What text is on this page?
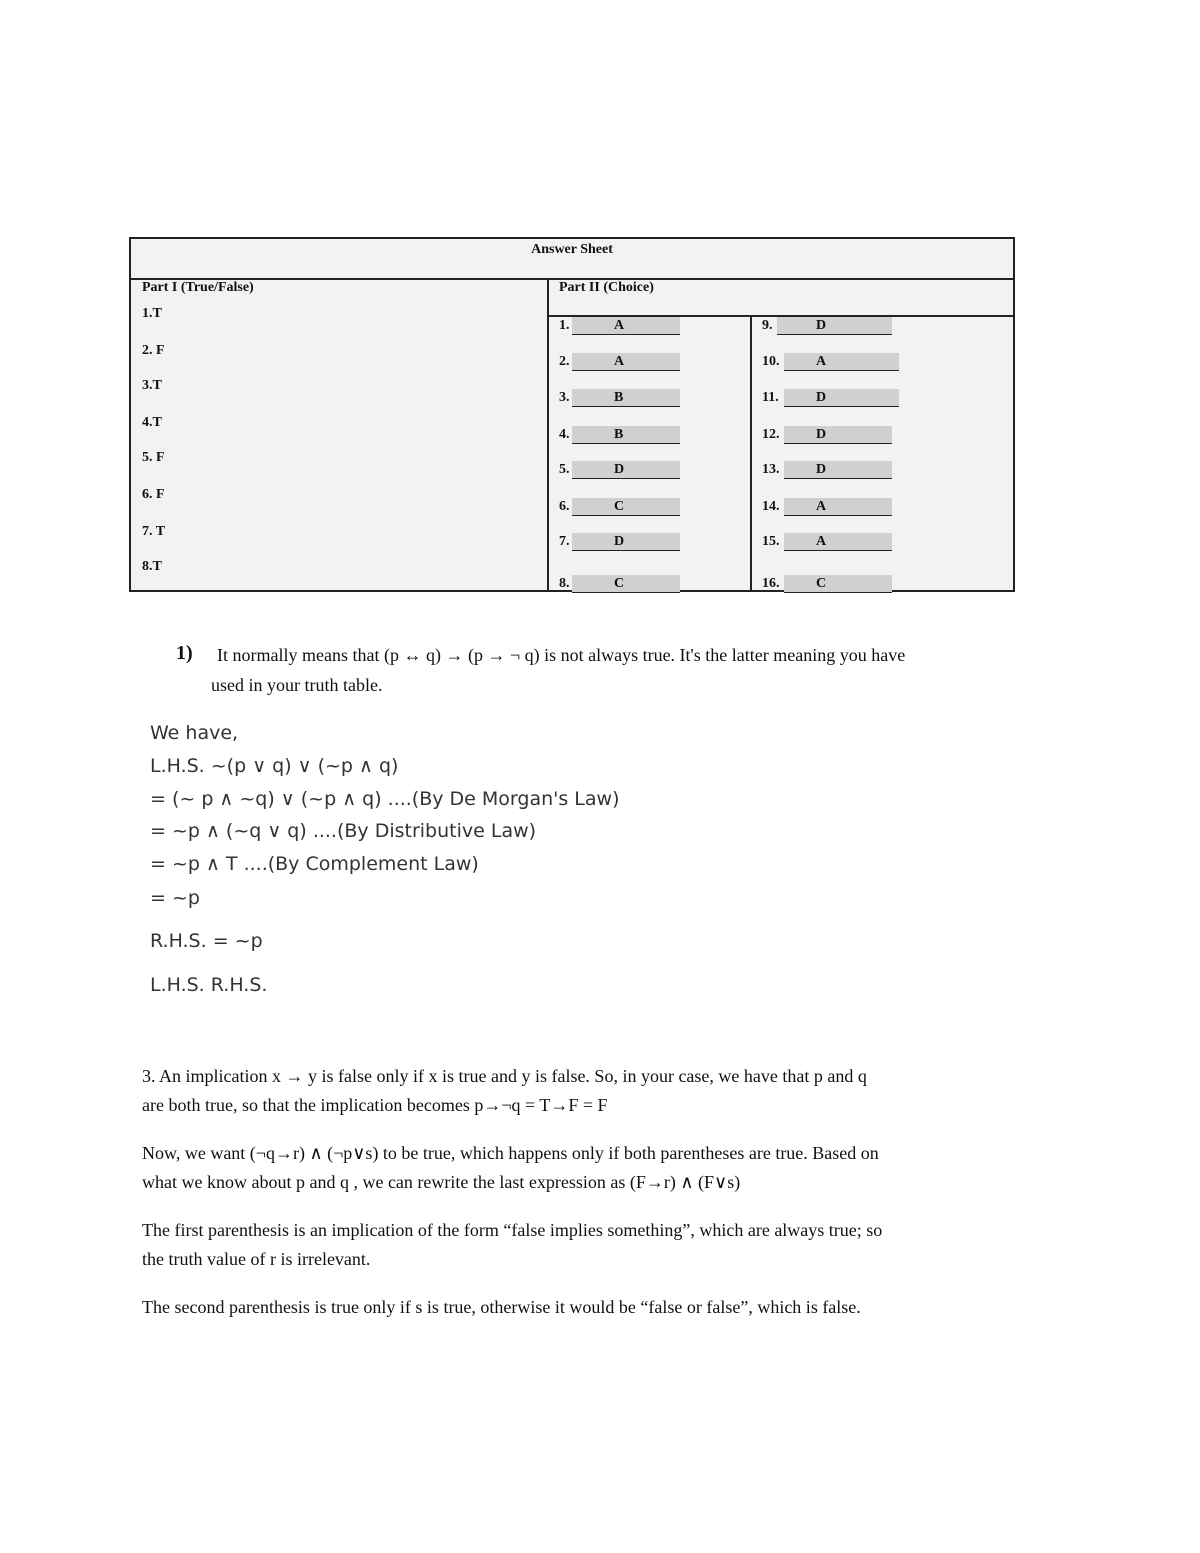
Answer Sheet
Part I (True/False)
1.T
2. F
3.T
4.T
5. F
6. F
7. T
8.T
Part II (Choice)
1.	A
2.	A
3.	B
4.	B
5.	D
6.	C
7.	D
8.	C
9.	D
10.	A
11.	D
12.	D
13.	D
14.	A
15.	A
16.	C
1) It normally means that (p ↔ q) → (p → ¬ q) is not always true. It's the latter meaning you have
used in your truth table.
We have,
L.H.S. ~(p ∨ q) ∨ (~p ∧ q)
= (~ p ∧ ~q) ∨ (~p ∧ q) ....(By De Morgan's Law)
= ~p ∧ (~q ∨ q) ....(By Distributive Law)
= ~p ∧ T ....(By Complement Law)
= ~p
R.H.S. = ~p
L.H.S. R.H.S.
3. An implication x → y is false only if x is true and y is false. So, in your case, we have that p and q
are both true, so that the implication becomes p→¬q = T→F = F
Now, we want (¬q→r) ∧ (¬p∨s) to be true, which happens only if both parentheses are true. Based on
what we know about p and q , we can rewrite the last expression as (F→r) ∧ (F∨s)
The first parenthesis is an implication of the form “false implies something”, which are always true; so
the truth value of r is irrelevant.
The second parenthesis is true only if s is true, otherwise it would be “false or false”, which is false.
